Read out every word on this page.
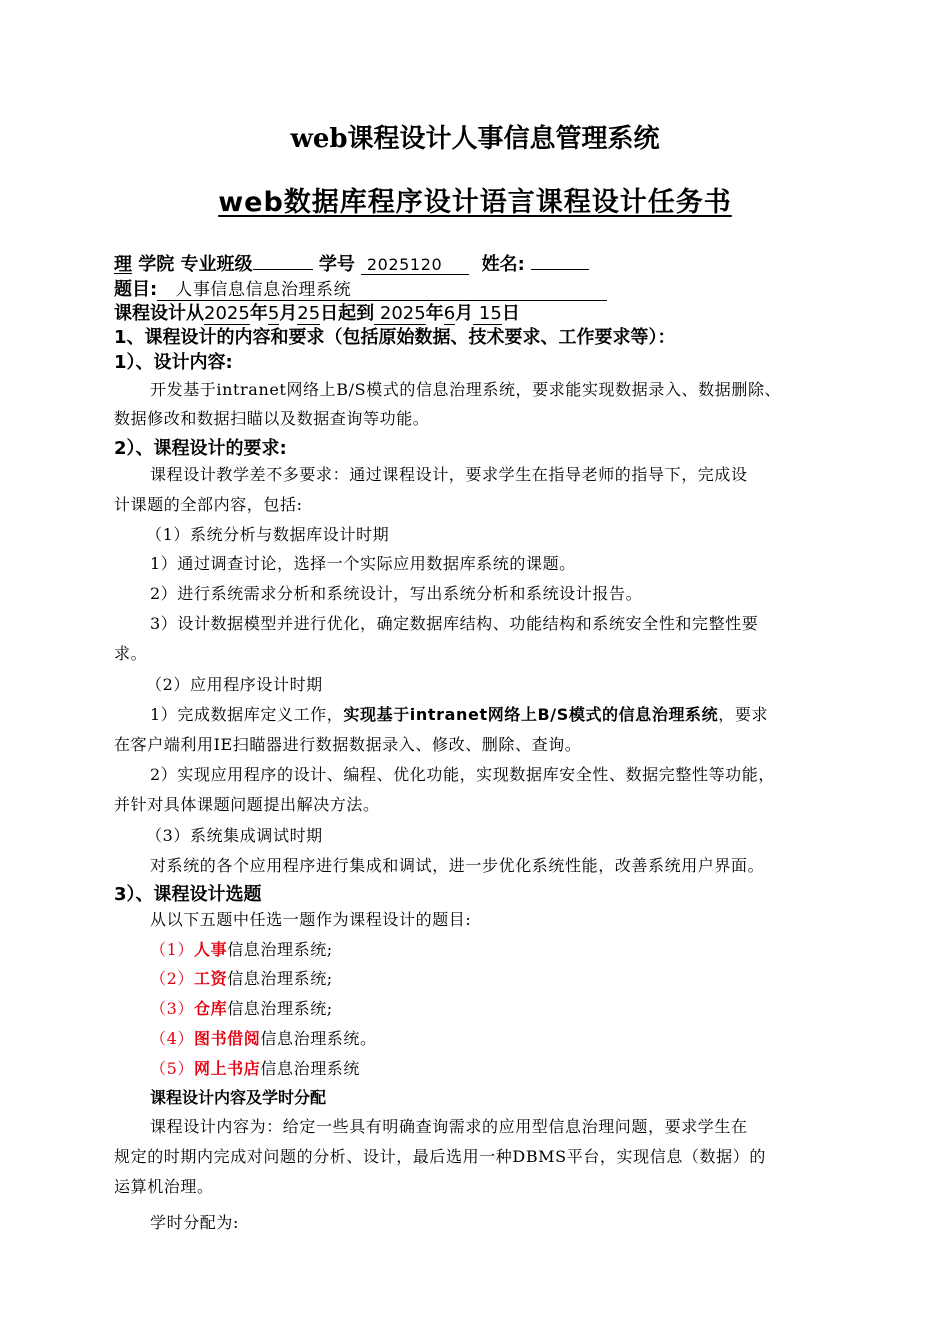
web课程设计人事信息管理系统
web数据库程序设计语言课程设计任务书
理 学院 专业班级	学号 2025120 姓名:
题目: 人事信息信息治理系统
课程设计从2025年5月25日起到 2025年6月 15日
1、课程设计的内容和要求（包括原始数据、技术要求、工作要求等）：
1）、设计内容:
开发基于intranet网络上B/S模式的信息治理系统，要求能实现数据录入、数据删除、
数据修改和数据扫瞄以及数据查询等功能。
2）、课程设计的要求:
课程设计教学差不多要求：通过课程设计，要求学生在指导老师的指导下，完成设
计课题的全部内容，包括:
（1）系统分析与数据库设计时期
1）通过调查讨论，选择一个实际应用数据库系统的课题。
2）进行系统需求分析和系统设计，写出系统分析和系统设计报告。
3）设计数据模型并进行优化，确定数据库结构、功能结构和系统安全性和完整性要
求。
（2）应用程序设计时期
1）完成数据库定义工作，实现基于intranet网络上B/S模式的信息治理系统，要求
在客户端利用IE扫瞄器进行数据数据录入、修改、删除、查询。
2）实现应用程序的设计、编程、优化功能，实现数据库安全性、数据完整性等功能，
并针对具体课题问题提出解决方法。
（3）系统集成调试时期
对系统的各个应用程序进行集成和调试，进一步优化系统性能，改善系统用户界面。
3）、课程设计选题
从以下五题中任选一题作为课程设计的题目:
（1）人事信息治理系统;
（2）工资信息治理系统;
（3）仓库信息治理系统;
（4）图书借阅信息治理系统。
（5）网上书店信息治理系统
课程设计内容及学时分配
课程设计内容为：给定一些具有明确查询需求的应用型信息治理问题，要求学生在
规定的时期内完成对问题的分析、设计，最后选用一种DBMS平台，实现信息（数据）的
运算机治理。
学时分配为:
